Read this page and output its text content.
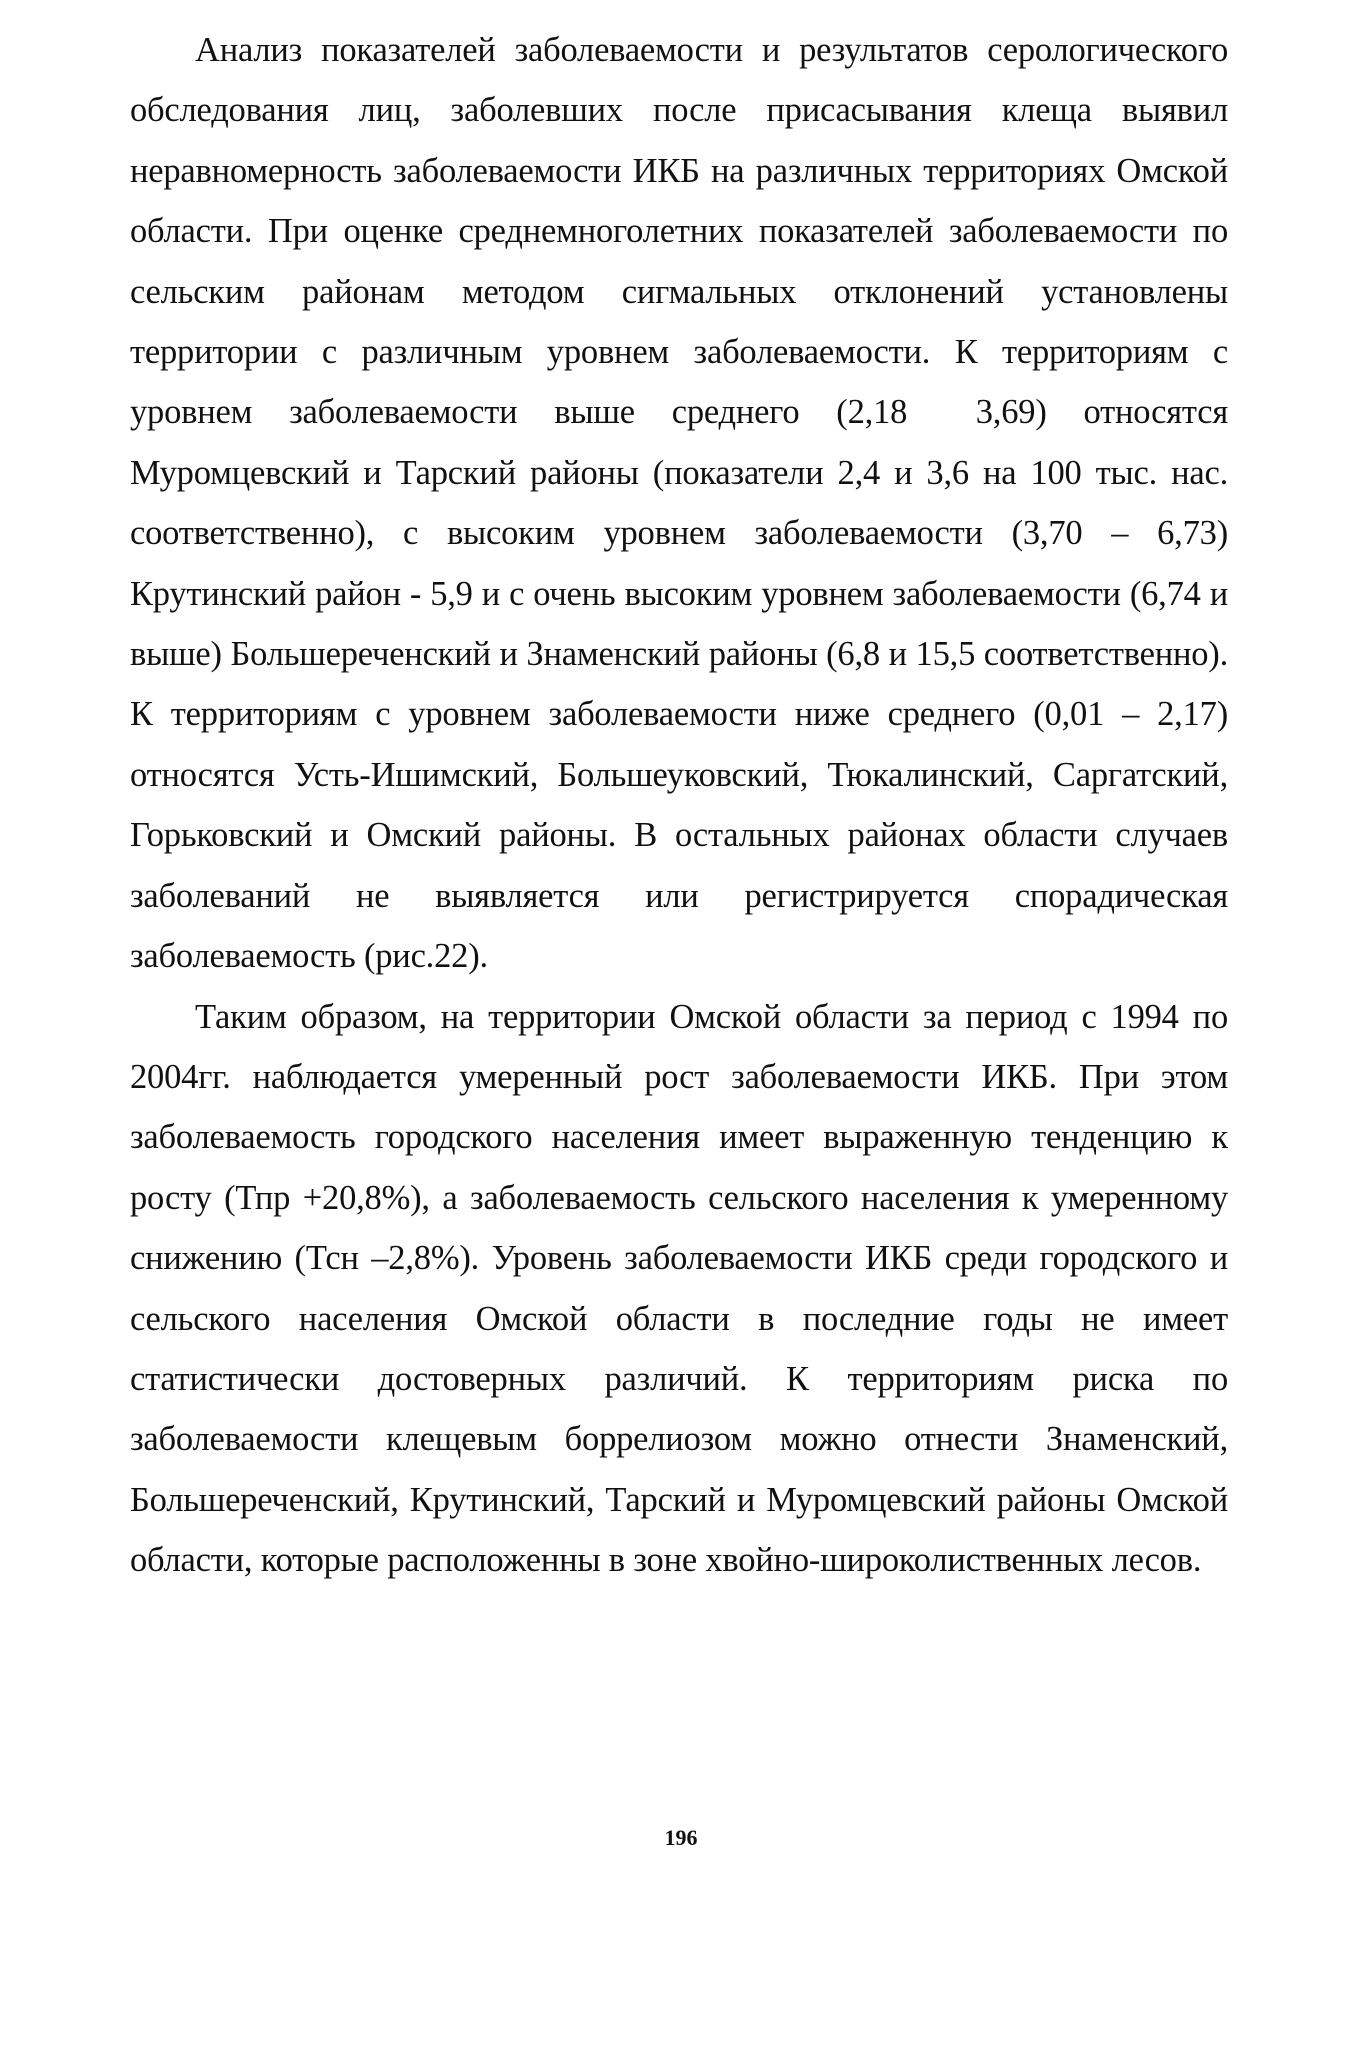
Анализ показателей заболеваемости и результатов серологического обследования лиц, заболевших после присасывания клеща выявил неравномерность заболеваемости ИКБ на различных территориях Омской области. При оценке среднемноголетних показателей заболеваемости по сельским районам методом сигмальных отклонений установлены территории с различным уровнем заболеваемости. К территориям с уровнем заболеваемости выше среднего (2,18  3,69) относятся Муромцевский и Тарский районы (показатели 2,4 и 3,6 на 100 тыс. нас. соответственно), с высоким уровнем заболеваемости (3,70 – 6,73) Крутинский район - 5,9 и с очень высоким уровнем заболеваемости (6,74 и выше) Большереченский и Знаменский районы (6,8 и 15,5 соответственно). К территориям с уровнем заболеваемости ниже среднего (0,01 – 2,17) относятся Усть-Ишимский, Большеуковский, Тюкалинский, Саргатский, Горьковский и Омский районы. В остальных районах области случаев заболеваний не выявляется или регистрируется спорадическая заболеваемость (рис.22).

Таким образом, на территории Омской области за период с 1994 по 2004гг. наблюдается умеренный рост заболеваемости ИКБ. При этом заболеваемость городского населения имеет выраженную тенденцию к росту (Тпр +20,8%), а заболеваемость сельского населения к умеренному снижению (Тсн –2,8%). Уровень заболеваемости ИКБ среди городского и сельского населения Омской области в последние годы не имеет статистически достоверных различий. К территориям риска по заболеваемости клещевым боррелиозом можно отнести Знаменский, Большереченский, Крутинский, Тарский и Муромцевский районы Омской области, которые расположенны в зоне хвойно-широколиственных лесов.

196
